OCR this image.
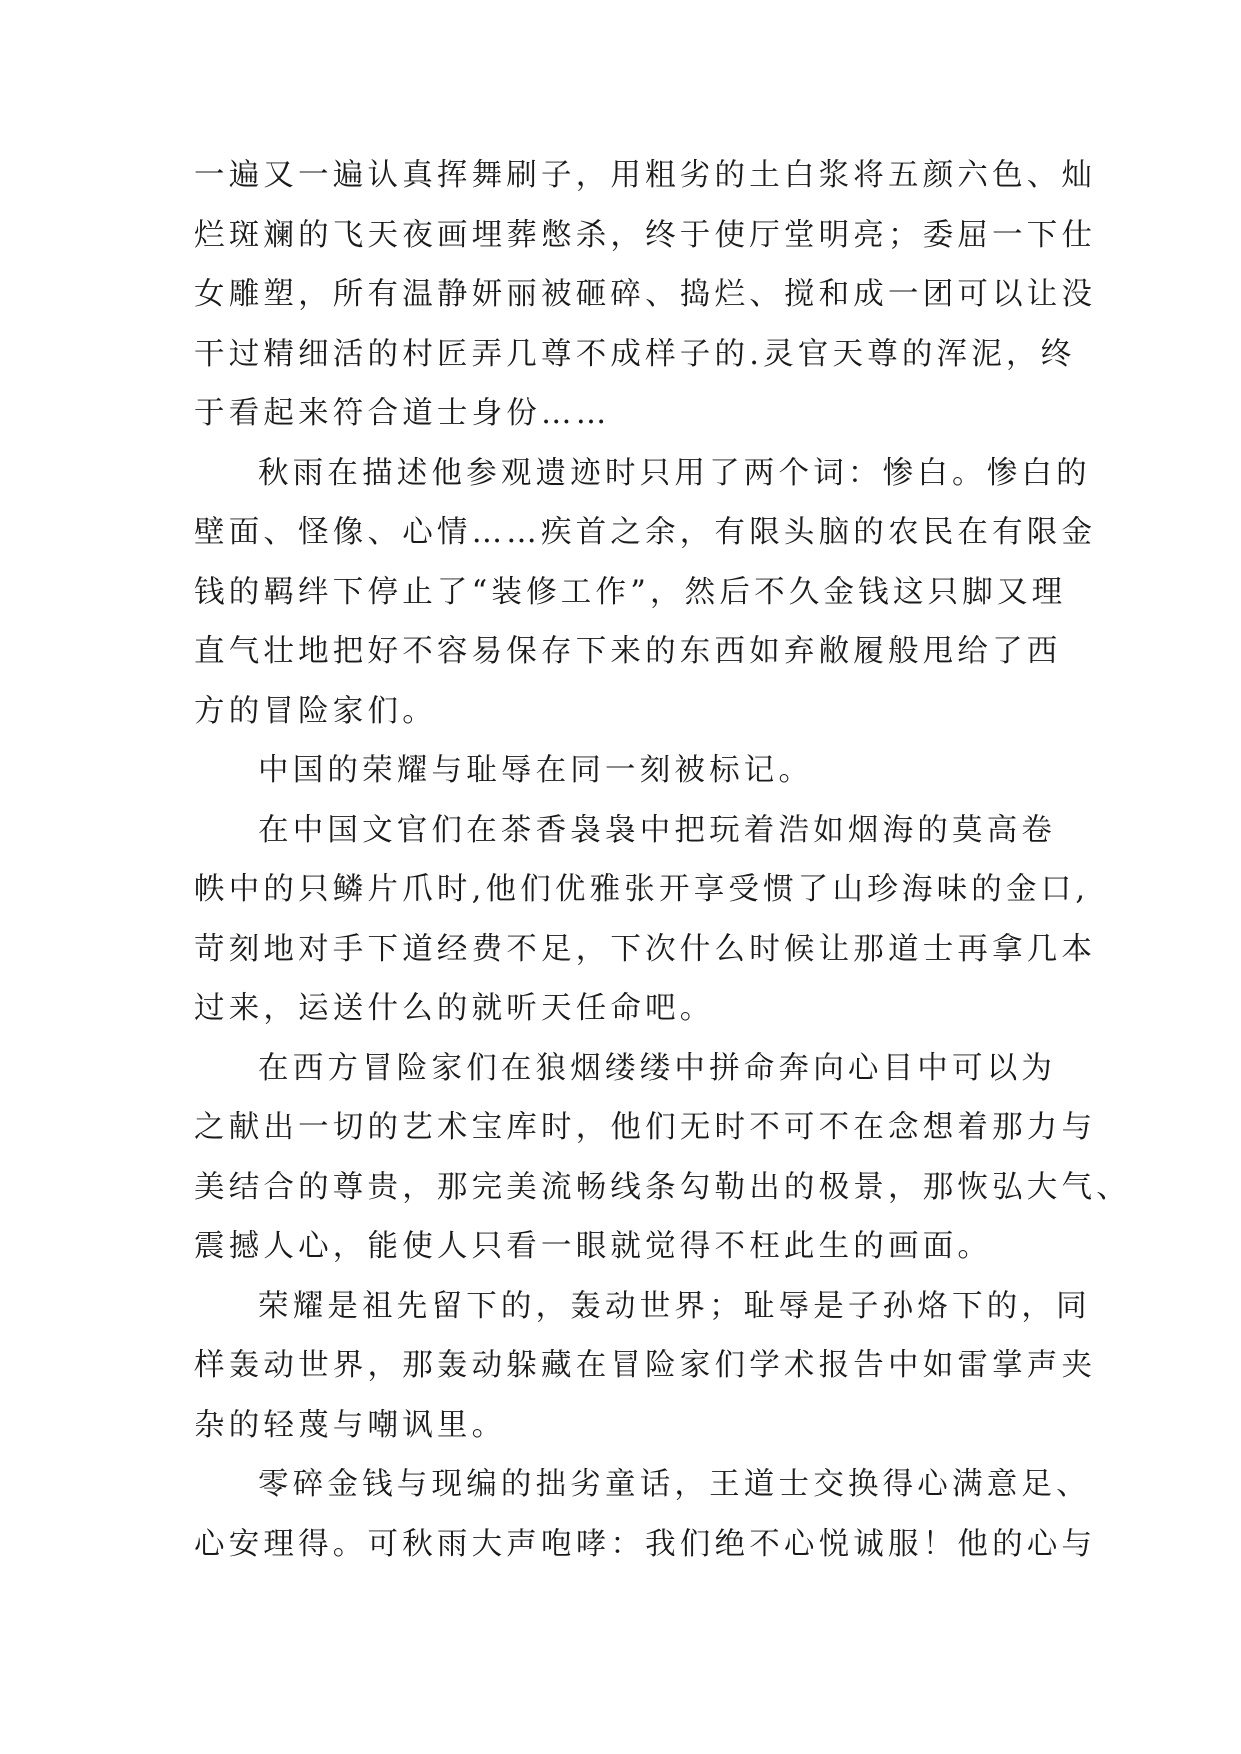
一遍又一遍认真挥舞刷子，用粗劣的土白浆将五颜六色、灿
烂斑斓的飞天夜画埋葬憋杀，终于使厅堂明亮；委屈一下仕
女雕塑，所有温静妍丽被砸碎、捣烂、搅和成一团可以让没
干过精细活的村匠弄几尊不成样子的.灵官天尊的浑泥，终
于看起来符合道士身份……
秋雨在描述他参观遗迹时只用了两个词：惨白。惨白的
壁面、怪像、心情……疾首之余，有限头脑的农民在有限金
钱的羁绊下停止了“装修工作”，然后不久金钱这只脚又理
直气壮地把好不容易保存下来的东西如弃敝履般甩给了西
方的冒险家们。
中国的荣耀与耻辱在同一刻被标记。
在中国文官们在茶香袅袅中把玩着浩如烟海的莫高卷
帙中的只鳞片爪时,他们优雅张开享受惯了山珍海味的金口,
苛刻地对手下道经费不足，下次什么时候让那道士再拿几本
过来，运送什么的就听天任命吧。
在西方冒险家们在狼烟缕缕中拼命奔向心目中可以为
之献出一切的艺术宝库时，他们无时不可不在念想着那力与
美结合的尊贵，那完美流畅线条勾勒出的极景，那恢弘大气、
震撼人心，能使人只看一眼就觉得不枉此生的画面。
荣耀是祖先留下的，轰动世界；耻辱是子孙烙下的，同
样轰动世界，那轰动躲藏在冒险家们学术报告中如雷掌声夹
杂的轻蔑与嘲讽里。
零碎金钱与现编的拙劣童话，王道士交换得心满意足、
心安理得。可秋雨大声咆哮：我们绝不心悦诚服！他的心与
